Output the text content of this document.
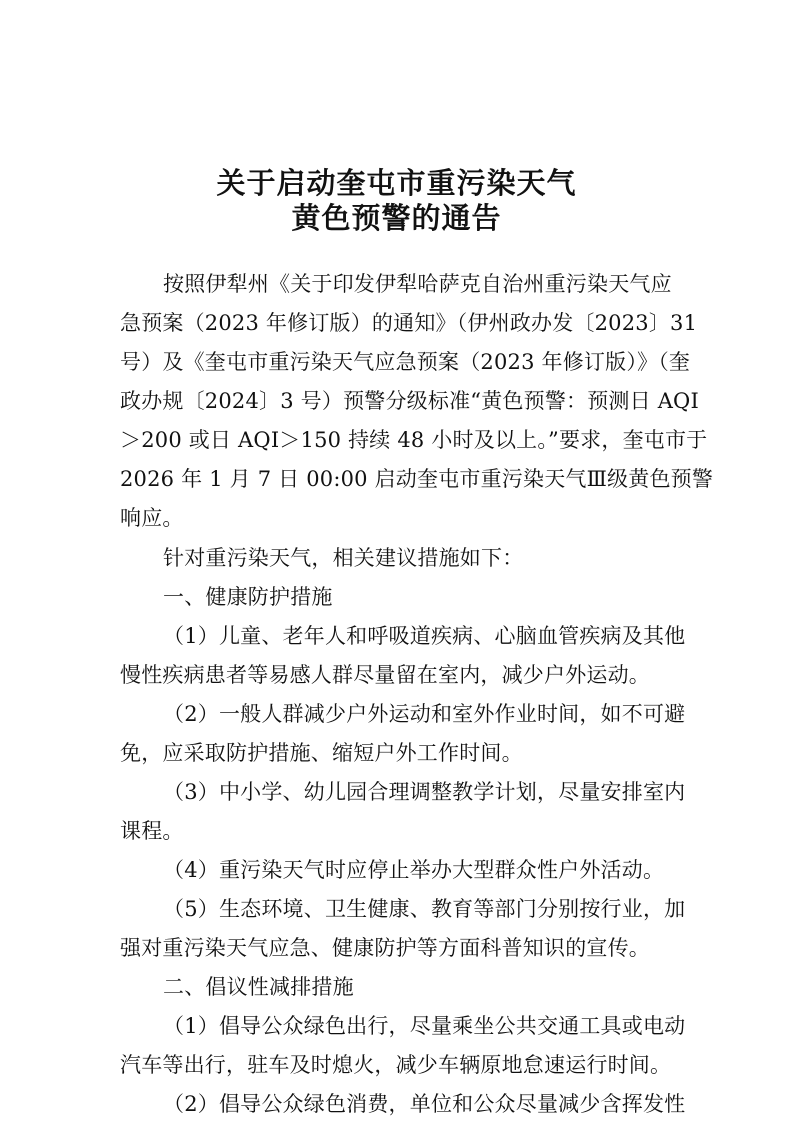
关于启动奎屯市重污染天气
黄色预警的通告
按照伊犁州《关于印发伊犁哈萨克自治州重污染天气应
急预案（2023 年修订版）的通知》（伊州政办发〔2023〕31
号）及《奎屯市重污染天气应急预案（2023 年修订版）》（奎
政办规〔2024〕3 号）预警分级标准“黄色预警：预测日 AQI
＞200 或日 AQI＞150 持续 48 小时及以上。”要求，奎屯市于
2026 年 1 月 7 日 00:00 启动奎屯市重污染天气Ⅲ级黄色预警
响应。
针对重污染天气，相关建议措施如下：
一、健康防护措施
（1）儿童、老年人和呼吸道疾病、心脑血管疾病及其他
慢性疾病患者等易感人群尽量留在室内，减少户外运动。
（2）一般人群减少户外运动和室外作业时间，如不可避
免，应采取防护措施、缩短户外工作时间。
（3）中小学、幼儿园合理调整教学计划，尽量安排室内
课程。
（4）重污染天气时应停止举办大型群众性户外活动。
（5）生态环境、卫生健康、教育等部门分别按行业，加
强对重污染天气应急、健康防护等方面科普知识的宣传。
二、倡议性减排措施
（1）倡导公众绿色出行，尽量乘坐公共交通工具或电动
汽车等出行，驻车及时熄火，减少车辆原地怠速运行时间。
（2）倡导公众绿色消费，单位和公众尽量减少含挥发性
